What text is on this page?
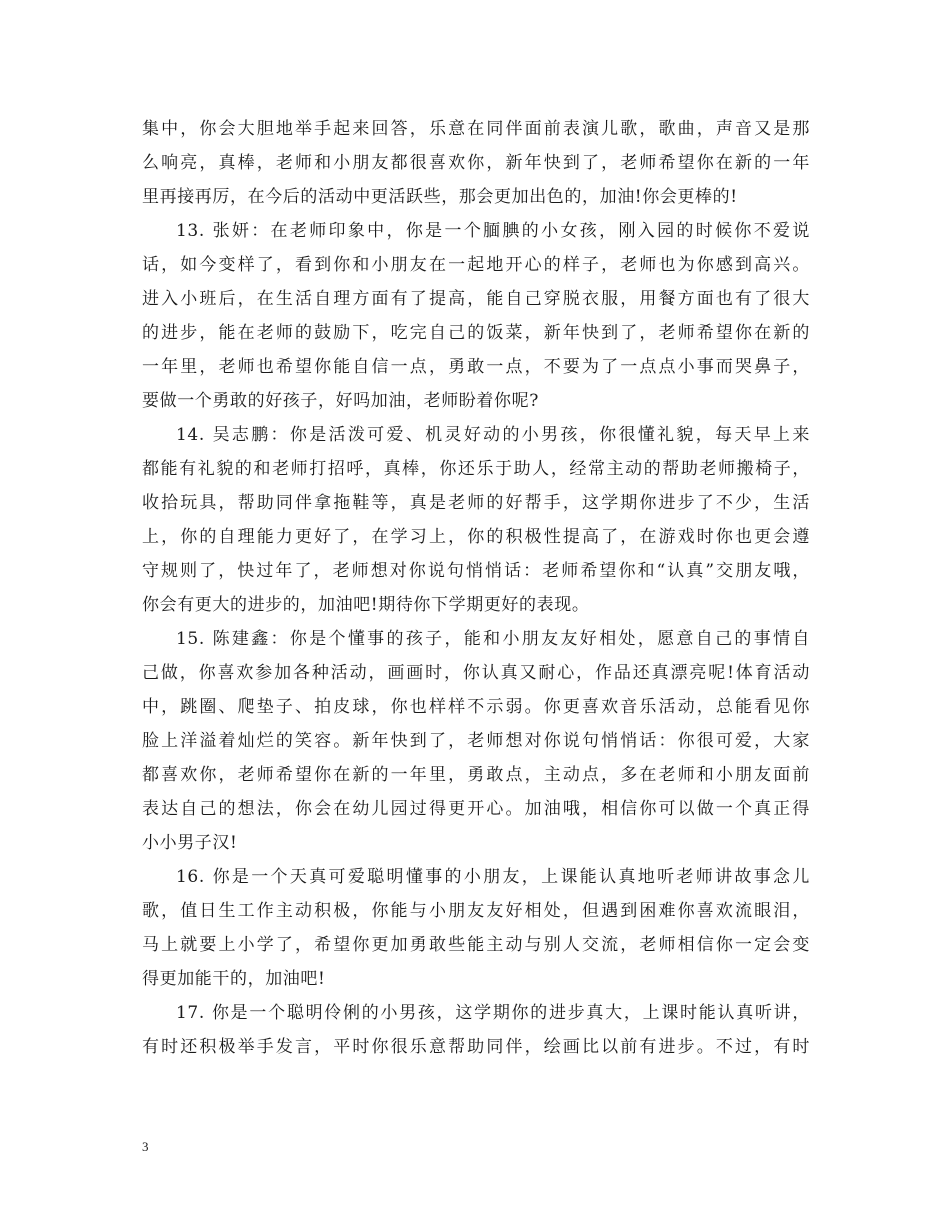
集中，你会大胆地举手起来回答，乐意在同伴面前表演儿歌，歌曲，声音又是那
么响亮，真棒，老师和小朋友都很喜欢你，新年快到了，老师希望你在新的一年
里再接再厉，在今后的活动中更活跃些，那会更加出色的，加油!你会更棒的!
13. 张妍：在老师印象中，你是一个腼腆的小女孩，刚入园的时候你不爱说
话，如今变样了，看到你和小朋友在一起地开心的样子，老师也为你感到高兴。
进入小班后，在生活自理方面有了提高，能自己穿脱衣服，用餐方面也有了很大
的进步，能在老师的鼓励下，吃完自己的饭菜，新年快到了，老师希望你在新的
一年里，老师也希望你能自信一点，勇敢一点，不要为了一点点小事而哭鼻子，
要做一个勇敢的好孩子，好吗加油，老师盼着你呢?
14. 吴志鹏：你是活泼可爱、机灵好动的小男孩，你很懂礼貌，每天早上来
都能有礼貌的和老师打招呼，真棒，你还乐于助人，经常主动的帮助老师搬椅子，
收拾玩具，帮助同伴拿拖鞋等，真是老师的好帮手，这学期你进步了不少，生活
上，你的自理能力更好了，在学习上，你的积极性提高了，在游戏时你也更会遵
守规则了，快过年了，老师想对你说句悄悄话：老师希望你和“认真”交朋友哦，
你会有更大的进步的，加油吧!期待你下学期更好的表现。
15. 陈建鑫：你是个懂事的孩子，能和小朋友友好相处，愿意自己的事情自
己做，你喜欢参加各种活动，画画时，你认真又耐心，作品还真漂亮呢!体育活动
中，跳圈、爬垫子、拍皮球，你也样样不示弱。你更喜欢音乐活动，总能看见你
脸上洋溢着灿烂的笑容。新年快到了，老师想对你说句悄悄话：你很可爱，大家
都喜欢你，老师希望你在新的一年里，勇敢点，主动点，多在老师和小朋友面前
表达自己的想法，你会在幼儿园过得更开心。加油哦，相信你可以做一个真正得
小小男子汉!
16. 你是一个天真可爱聪明懂事的小朋友，上课能认真地听老师讲故事念儿
歌，值日生工作主动积极，你能与小朋友友好相处，但遇到困难你喜欢流眼泪，
马上就要上小学了，希望你更加勇敢些能主动与别人交流，老师相信你一定会变
得更加能干的，加油吧!
17. 你是一个聪明伶俐的小男孩，这学期你的进步真大，上课时能认真听讲，
有时还积极举手发言，平时你很乐意帮助同伴，绘画比以前有进步。不过，有时
3
